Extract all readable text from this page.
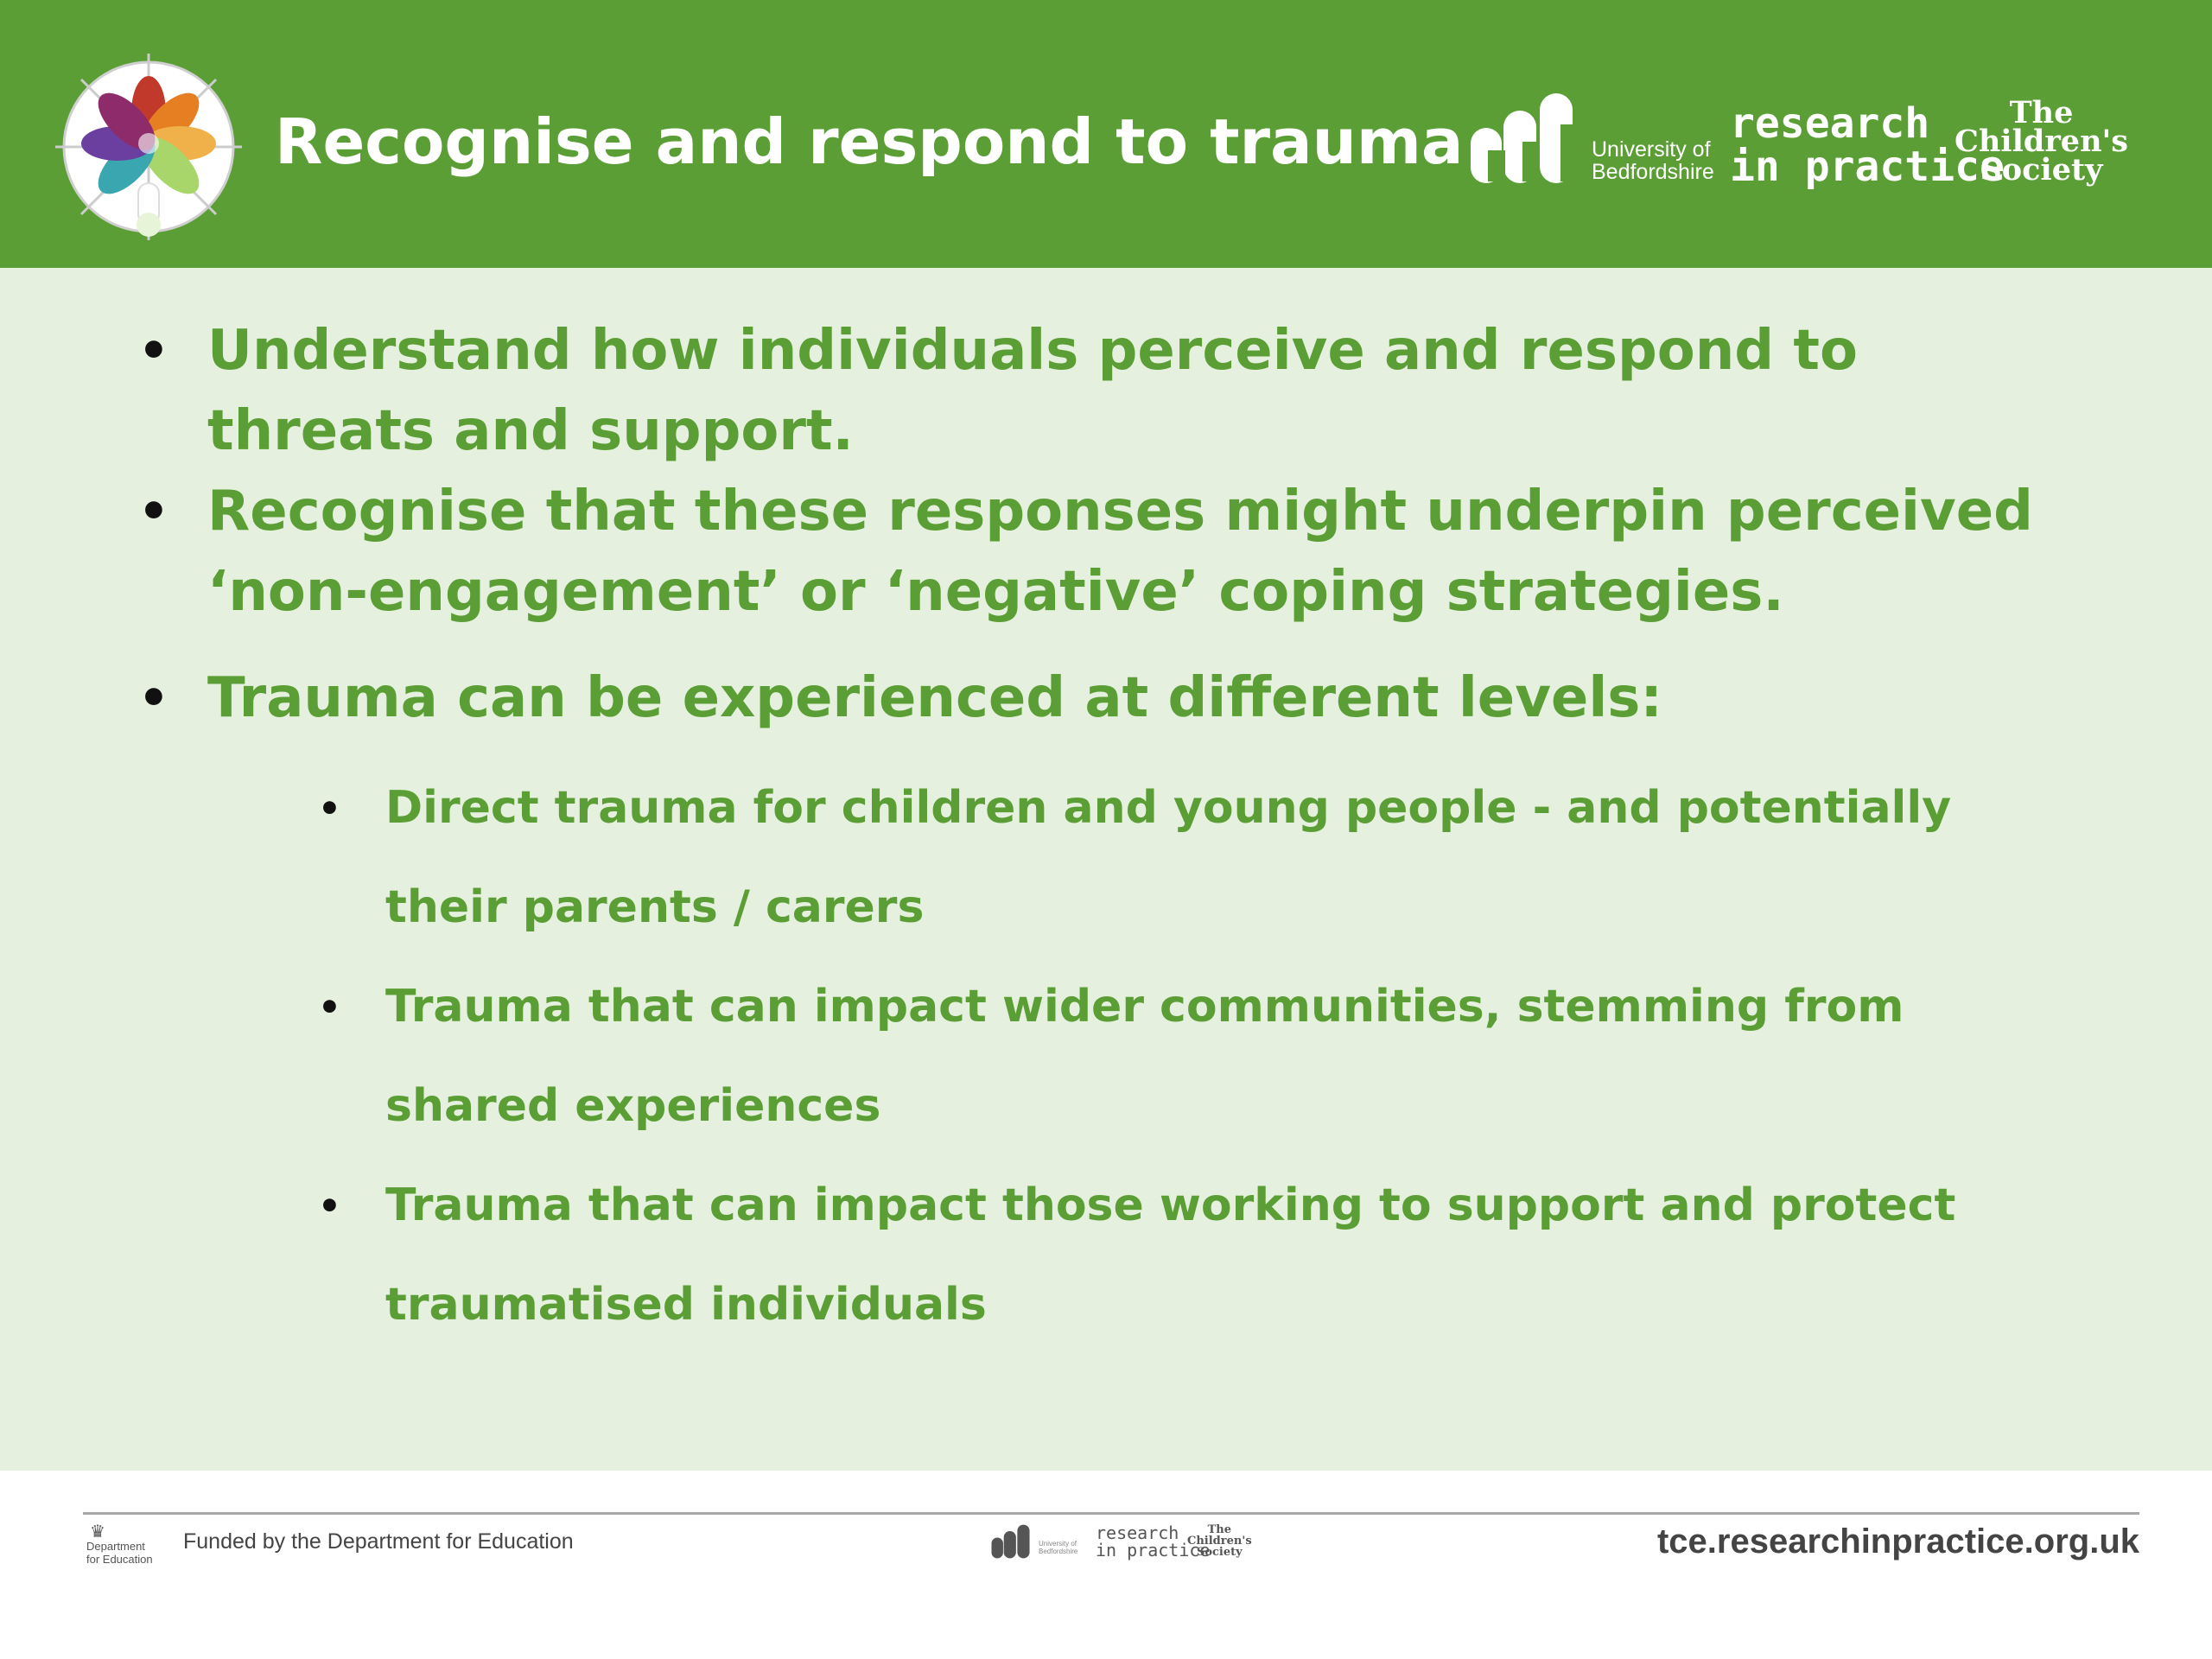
Recognise and respond to trauma	University of
Bedfordshire
research
in practice
The
Children's
Society
• Understand how individuals perceive and respond to threats and support.
• Recognise that these responses might underpin perceived ‘non-engagement’ or ‘negative’ coping strategies.
• Trauma can be experienced at different levels:
• Direct trauma for children and young people - and potentially their parents / carers
• Trauma that can impact wider communities, stemming from shared experiences
• Trauma that can impact those working to support and protect traumatised individuals
♛
Department
for Education
Funded by the Department for Education	University of
Bedfordshire
research
in practice
The
Children's
Society	tce.researchinpractice.org.uk
